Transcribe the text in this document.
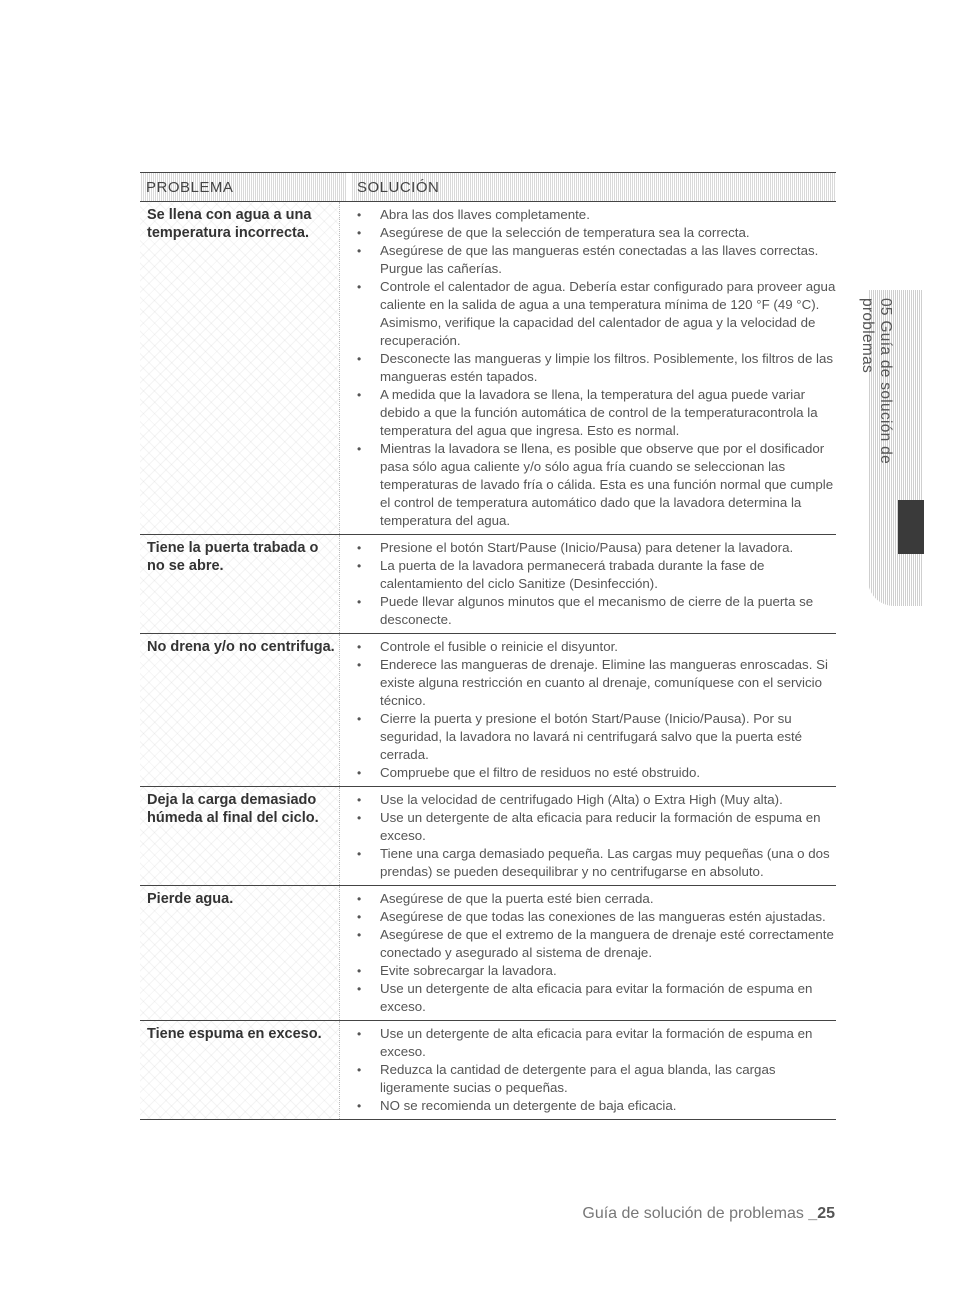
PROBLEMA	SOLUCIÓN
Se llena con agua a una temperatura incorrecta.
• Abra las dos llaves completamente.
• Asegúrese de que la selección de temperatura sea la correcta.
• Asegúrese de que las mangueras estén conectadas a las llaves correctas.
Purgue las cañerías.
• Controle el calentador de agua. Debería estar configurado para proveer agua caliente en la salida de agua a una temperatura mínima de 120 °F (49 °C). Asimismo, verifique la capacidad del calentador de agua y la velocidad de recuperación.
• Desconecte las mangueras y limpie los filtros. Posiblemente, los filtros de las mangueras estén tapados.
• A medida que la lavadora se llena, la temperatura del agua puede variar debido a que la función automática de control de la temperaturacontrola la temperatura del agua que ingresa. Esto es normal.
• Mientras la lavadora se llena, es posible que observe que por el dosificador pasa sólo agua caliente y/o sólo agua fría cuando se seleccionan las temperaturas de lavado fría o cálida. Esta es una función normal que cumple el control de temperatura automático dado que la lavadora determina la temperatura del agua.
Tiene la puerta trabada o no se abre.
• Presione el botón Start/Pause (Inicio/Pausa) para detener la lavadora.
• La puerta de la lavadora permanecerá trabada durante la fase de calentamiento del ciclo Sanitize (Desinfección).
• Puede llevar algunos minutos que el mecanismo de cierre de la puerta se desconecte.
No drena y/o no centrifuga.	• Controle el fusible o reinicie el disyuntor.
• Enderece las mangueras de drenaje. Elimine las mangueras enroscadas. Si existe alguna restricción en cuanto al drenaje, comuníquese con el servicio técnico.
• Cierre la puerta y presione el botón Start/Pause (Inicio/Pausa). Por su seguridad, la lavadora no lavará ni centrifugará salvo que la puerta esté cerrada.
• Compruebe que el filtro de residuos no esté obstruido.
Deja la carga demasiado húmeda al final del ciclo.
• Use la velocidad de centrifugado High (Alta) o Extra High (Muy alta).
• Use un detergente de alta eficacia para reducir la formación de espuma en exceso.
• Tiene una carga demasiado pequeña. Las cargas muy pequeñas (una o dos prendas) se pueden desequilibrar y no centrifugarse en absoluto.
Pierde agua.	• Asegúrese de que la puerta esté bien cerrada.
• Asegúrese de que todas las conexiones de las mangueras estén ajustadas.
• Asegúrese de que el extremo de la manguera de drenaje esté correctamente conectado y asegurado al sistema de drenaje.
• Evite sobrecargar la lavadora.
• Use un detergente de alta eficacia para evitar la formación de espuma en exceso.
Tiene espuma en exceso.	• Use un detergente de alta eficacia para evitar la formación de espuma en exceso.
• Reduzca la cantidad de detergente para el agua blanda, las cargas ligeramente sucias o pequeñas.
• NO se recomienda un detergente de baja eficacia.
05 Guía de solución de problemas
Guía de solución de problemas _25
